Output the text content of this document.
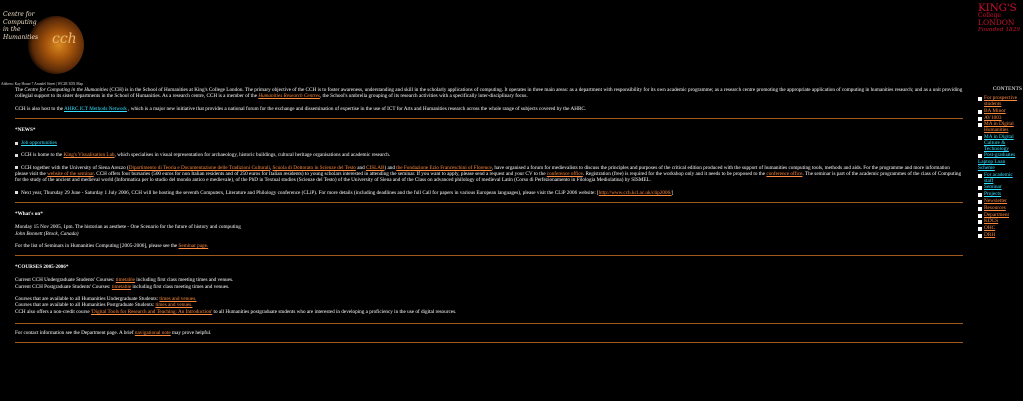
cch
Centre for
Computing
in the
Humanities
KING'S
College
LONDON
Founded 1829
Address: Kay House 7 Arundel Street | WC2R 3DX Map

The Centre for Computing in the Humanities (CCH) is in the School of Humanities at King's College London. The primary objective of the CCH is to foster awareness, understanding and skill in the scholarly applications of computing. It operates in three main areas: as a department with responsibility for its own academic programme; as a research centre promoting the appropriate application of computing in humanities research; and as a unit providing collegial support to its sister departments in the School of Humanities. As a research centre, CCH is a member of the Humanities Research Centres, the School's umbrella grouping of its research activities with a specifically inter-disciplinary focus.

CCH is also host to the AHRC ICT Methods Network , which is a major new initiative that provides a national forum for the exchange and dissemination of expertise in the use of ICT for Arts and Humanities research across the whole range of subjects covered by the AHRC.

*NEWS*

Job opportunities

CCH is home to the King's Visualisation Lab, which specialises in visual representation for archaeology, historic buildings, cultural heritage organisations and academic research.

CCH together with the University of Siena Arezzo (Dipartimento di Teoria e Documentazione delle Tradizioni Culturali, Scuola di Dottorato in Scienze del Testo and CISLAB) and the Fondazione Ezio Franceschini of Florence, have organised a forum for medievalists to discuss the principles and purposes of the critical edition produced with the support of humanities computing tools, methods and aids. For the programme and more information please visit the website of the seminar. CCH offers four bursaries (500 euros for non Italian residents and of 250 euros for Italian residents) to young scholars interested in attending the seminar. If you want to apply, please send a request and your CV to the conference office. Registration (free) is required for the workshop only and it needs to be proposed to the conference office. The seminar is part of the academic programmes of the class of Computing for the study of the ancient and medieval world (Informatica per lo studio del mondo antico e medievale), of the PhD in Textual studies (Scienze del Testo) of the University of Siena and of the Class on advanced philology of medieval Latin (Corso di Perfezionamento in Filologia Mediolatina) by SISMEL.

Next year, Thursday 29 June - Saturday 1 July 2006, CCH will be hosting the seventh Computers, Literature and Philology conference (CLiP). For more details (including deadlines and the full Call for papers in various European languages), please visit the CLiP 2006 website: [http://www.cch.kcl.ac.uk/clip2006/]

*What's on*
Monday 15 Nov 2005, 1pm. The historian as aesthete - One Scenario for the future of history and computing
John Bonnett (Brock, Canada)

For the list of Seminars in Humanities Computing [2005-2006], please see the Seminar page.

*COURSES 2005-2006*
Current CCH Undergraduate Students' Courses: timetable including first class meeting times and venues.
Current CCH Postgraduate Students' Courses: timetable including first class meeting times and venues.
Courses that are available to all Humanities Undergraduate Students: times and venues.
Courses that are available to all Humanities Postgraduate Students: times and venues.
CCH also offers a non-credit course 'Digital Tools for Research and Teaching: An Introduction' to all Humanities postgraduate students who are interested in developing a proficiency in the use of digital resources.

For contact information see the Department page. A brief navigational note may prove helpful.

CONTENTS
For prospective students
BA Minor
AV1003
MA in Digital Humanities
MA in Digital Culture & Technology
Post-graduates
Laptop Loan Scheme
For academic staff
Seminar
Projects
Newsletter
Resources
Department
KDCS
OHC
DRH
